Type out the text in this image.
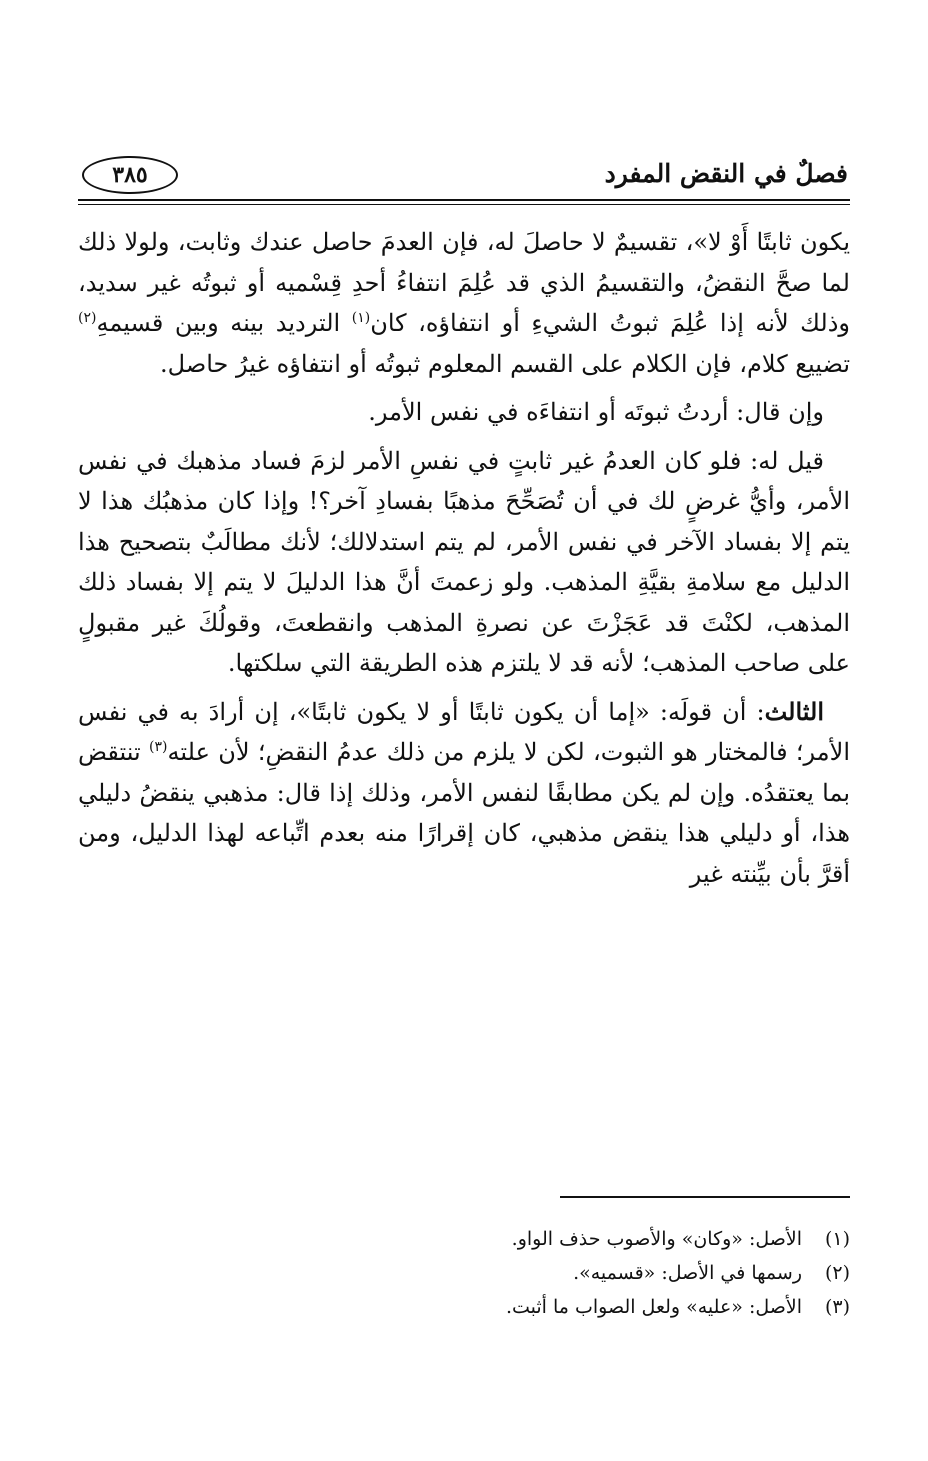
فصلٌ في النقض المفرد
٣٨٥

يكون ثابتًا أَوْ لا»، تقسيمٌ لا حاصلَ له، فإن العدمَ حاصل عندك وثابت، ولولا ذلك لما صحَّ النقضُ، والتقسيمُ الذي قد عُلِمَ انتفاءُ أحدِ قِسْميه أو ثبوتُه غير سديد، وذلك لأنه إذا عُلِمَ ثبوتُ الشيءِ أو انتفاؤه، كان$^{(١)}$ الترديد بينه وبين قسيمهِ$^{(٢)}$ تضييع كلام، فإن الكلام على القسم المعلوم ثبوتُه أو انتفاؤه غيرُ حاصل.

وإن قال: أردتُ ثبوتَه أو انتفاءَه في نفس الأمر.

قيل له: فلو كان العدمُ غير ثابتٍ في نفسِ الأمر لزمَ فساد مذهبك في نفس الأمر، وأيُّ غرضٍ لك في أن تُصَحِّحَ مذهبًا بفسادِ آخر؟! وإذا كان مذهبُك هذا لا يتم إلا بفساد الآخر في نفس الأمر، لم يتم استدلالك؛ لأنك مطالَبٌ بتصحيح هذا الدليل مع سلامةِ بقيَّةِ المذهب. ولو زعمتَ أنَّ هذا الدليلَ لا يتم إلا بفساد ذلك المذهب، لكنْتَ قد عَجَزْتَ عن نصرةِ المذهب وانقطعتَ، وقولُكَ غير مقبولٍ على صاحب المذهب؛ لأنه قد لا يلتزم هذه الطريقة التي سلكتها.

الثالث: أن قولَه: «إما أن يكون ثابتًا أو لا يكون ثابتًا»، إن أرادَ به في نفس الأمر؛ فالمختار هو الثبوت، لكن لا يلزم من ذلك عدمُ النقضِ؛ لأن علته$^{(٣)}$ تنتقض بما يعتقدُه. وإن لم يكن مطابقًا لنفس الأمر، وذلك إذا قال: مذهبي ينقضُ دليلي هذا، أو دليلي هذا ينقض مذهبي، كان إقرارًا منه بعدم اتِّباعه لهذا الدليل، ومن أقرَّ بأن بيِّنته غير

(١)
الأصل: «وكان» والأصوب حذف الواو.
(٢)
رسمها في الأصل: «قسميه».
(٣)
الأصل: «عليه» ولعل الصواب ما أثبت.
